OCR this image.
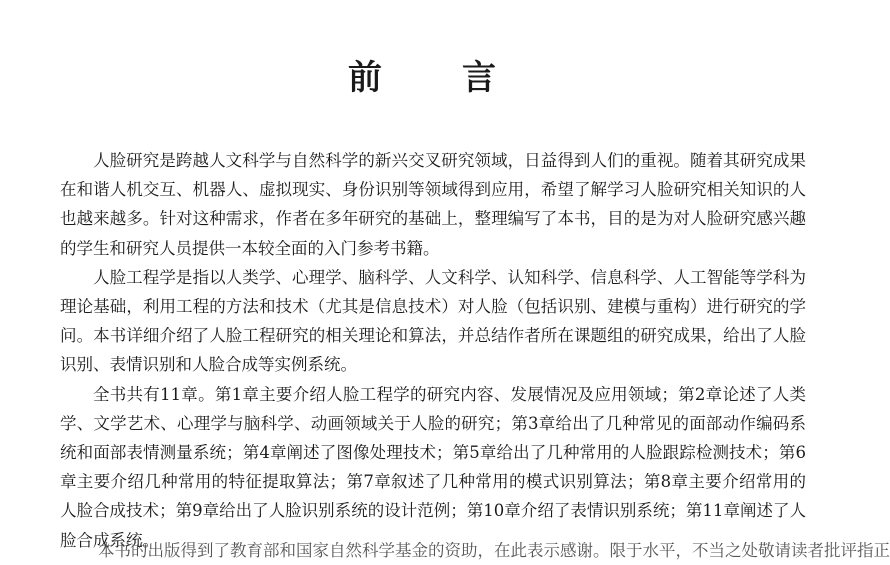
前 言

人脸研究是跨越人文科学与自然科学的新兴交叉研究领域，日益得到人们的重视。随着其研究成果在和谐人机交互、机器人、虚拟现实、身份识别等领域得到应用，希望了解学习人脸研究相关知识的人也越来越多。针对这种需求，作者在多年研究的基础上，整理编写了本书，目的是为对人脸研究感兴趣的学生和研究人员提供一本较全面的入门参考书籍。

人脸工程学是指以人类学、心理学、脑科学、人文科学、认知科学、信息科学、人工智能等学科为理论基础，利用工程的方法和技术（尤其是信息技术）对人脸（包括识别、建模与重构）进行研究的学问。本书详细介绍了人脸工程研究的相关理论和算法，并总结作者所在课题组的研究成果，给出了人脸识别、表情识别和人脸合成等实例系统。

全书共有11章。第1章主要介绍人脸工程学的研究内容、发展情况及应用领域；第2章论述了人类学、文学艺术、心理学与脑科学、动画领域关于人脸的研究；第3章给出了几种常见的面部动作编码系统和面部表情测量系统；第4章阐述了图像处理技术；第5章给出了几种常用的人脸跟踪检测技术；第6章主要介绍几种常用的特征提取算法；第7章叙述了几种常用的模式识别算法；第8章主要介绍常用的人脸合成技术；第9章给出了人脸识别系统的设计范例；第10章介绍了表情识别系统；第11章阐述了人脸合成系统。

本书的出版得到了教育部和国家自然科学基金的资助，在此表示感谢。限于水平，不当之处敬请读者批评指正
